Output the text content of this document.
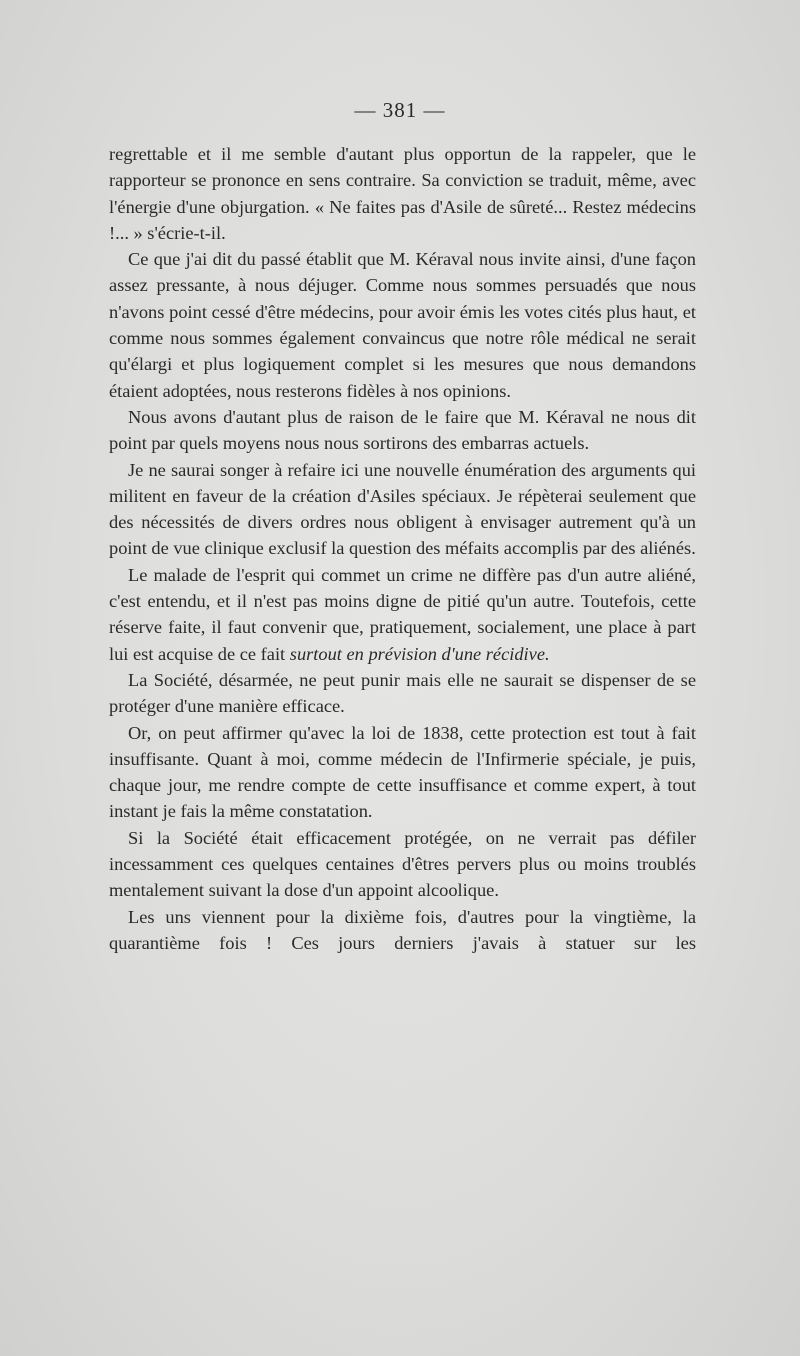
— 381 —

regrettable et il me semble d'autant plus opportun de la rappeler, que le rapporteur se prononce en sens contraire. Sa conviction se traduit, même, avec l'énergie d'une objurgation. « Ne faites pas d'Asile de sûreté... Restez médecins !... » s'écrie-t-il.

Ce que j'ai dit du passé établit que M. Kéraval nous invite ainsi, d'une façon assez pressante, à nous déjuger. Comme nous sommes persuadés que nous n'avons point cessé d'être médecins, pour avoir émis les votes cités plus haut, et comme nous sommes également convaincus que notre rôle médical ne serait qu'élargi et plus logiquement complet si les mesures que nous demandons étaient adoptées, nous resterons fidèles à nos opinions.

Nous avons d'autant plus de raison de le faire que M. Kéraval ne nous dit point par quels moyens nous nous sortirons des embarras actuels.

Je ne saurai songer à refaire ici une nouvelle énumération des arguments qui militent en faveur de la création d'Asiles spéciaux. Je répèterai seulement que des nécessités de divers ordres nous obligent à envisager autrement qu'à un point de vue clinique exclusif la question des méfaits accomplis par des aliénés.

Le malade de l'esprit qui commet un crime ne diffère pas d'un autre aliéné, c'est entendu, et il n'est pas moins digne de pitié qu'un autre. Toutefois, cette réserve faite, il faut convenir que, pratiquement, socialement, une place à part lui est acquise de ce fait surtout en prévision d'une récidive.

La Société, désarmée, ne peut punir mais elle ne saurait se dispenser de se protéger d'une manière efficace.

Or, on peut affirmer qu'avec la loi de 1838, cette protection est tout à fait insuffisante. Quant à moi, comme médecin de l'Infirmerie spéciale, je puis, chaque jour, me rendre compte de cette insuffisance et comme expert, à tout instant je fais la même constatation.

Si la Société était efficacement protégée, on ne verrait pas défiler incessamment ces quelques centaines d'êtres pervers plus ou moins troublés mentalement suivant la dose d'un appoint alcoolique.

Les uns viennent pour la dixième fois, d'autres pour la vingtième, la quarantième fois ! Ces jours derniers j'avais à statuer sur les
